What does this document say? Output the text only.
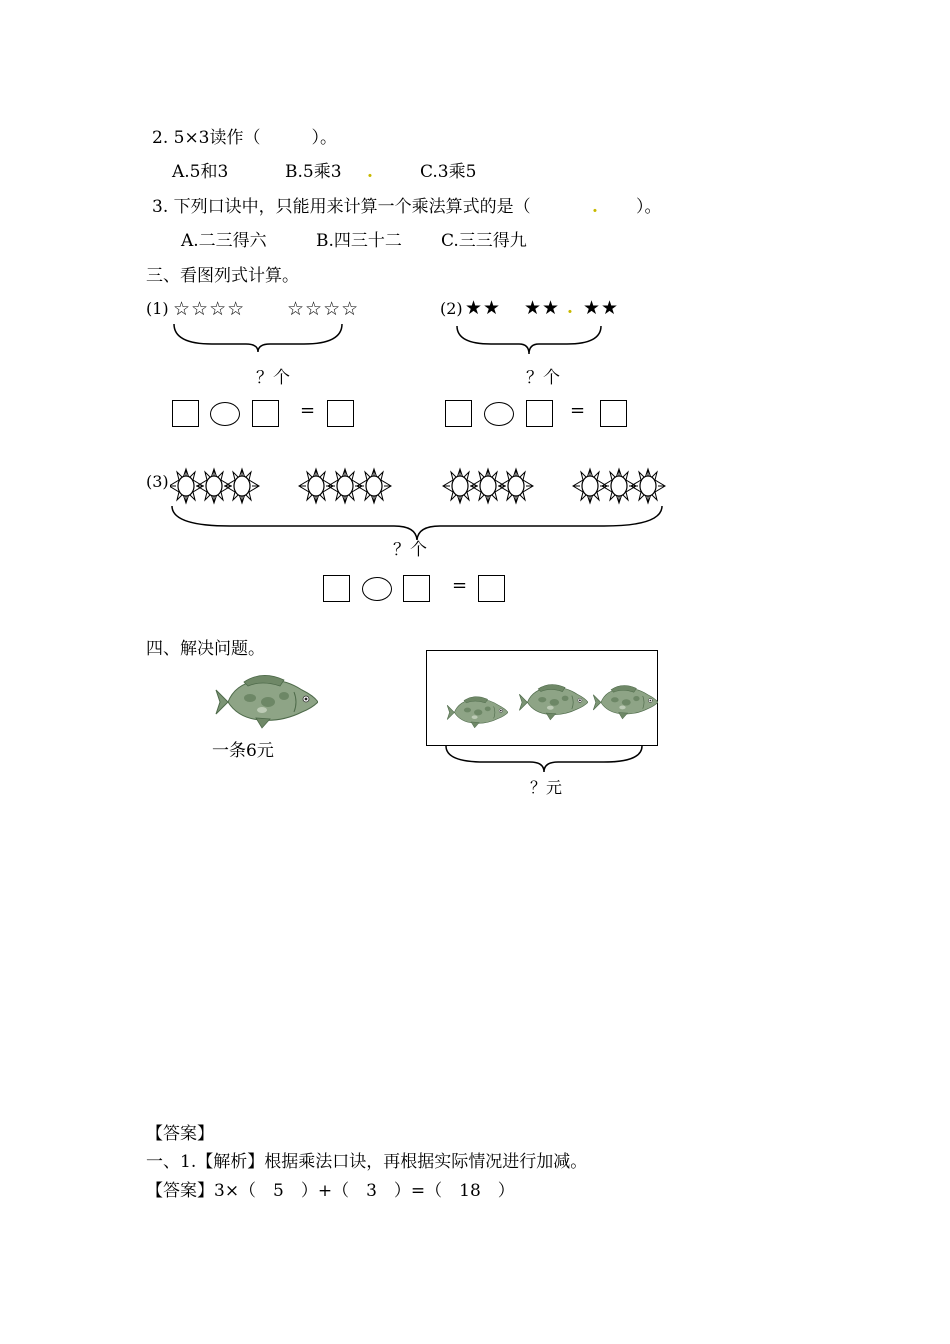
2. 5×3读作（　　　）。
A.5和3	B.5乘3 .	C.3乘5
3. 下列口诀中，只能用来计算一个乘法算式的是（	. ）。
A.二三得六	B.四三十二 C.三三得九
三、看图列式计算。
(1) ☆☆☆☆ ☆☆☆☆
？个
=
(2) ★★ ★★ . ★★
？个
=
(3)
？个
=
四、解决问题。
一条6元
？元
【答案】
一、1.【解析】根据乘法口诀，再根据实际情况进行加减。
【答案】3×（　5　）+（　3　）=（　18　）
